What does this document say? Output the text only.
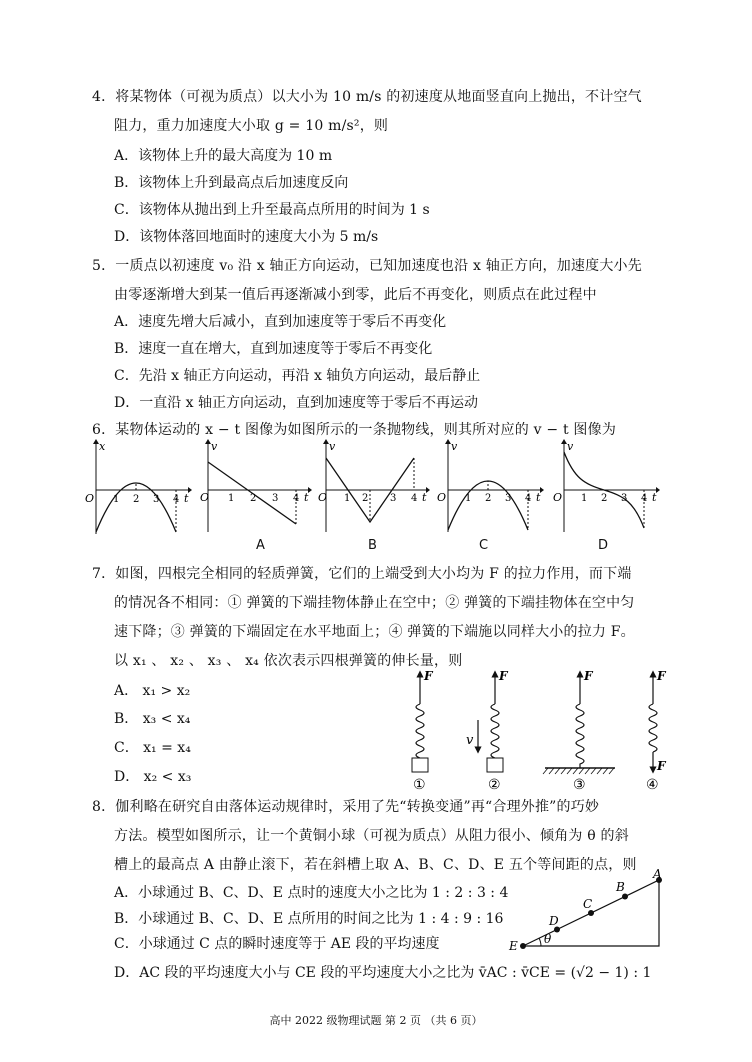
4．将某物体（可视为质点）以大小为 10 m/s 的初速度从地面竖直向上抛出，不计空气
阻力，重力加速度大小取 g = 10 m/s²，则
A．该物体上升的最大高度为 10 m
B．该物体上升到最高点后加速度反向
C．该物体从抛出到上升至最高点所用的时间为 1 s
D．该物体落回地面时的速度大小为 5 m/s
5．一质点以初速度 v₀ 沿 x 轴正方向运动，已知加速度也沿 x 轴正方向，加速度大小先
由零逐渐增大到某一值后再逐渐减小到零，此后不再变化，则质点在此过程中
A．速度先增大后减小，直到加速度等于零后不再变化
B．速度一直在增大，直到加速度等于零后不再变化
C．先沿 x 轴正方向运动，再沿 x 轴负方向运动，最后静止
D．一直沿 x 轴正方向运动，直到加速度等于零后不再运动
6．某物体运动的 x − t 图像为如图所示的一条抛物线，则其所对应的 v − t 图像为
x
t
O 1 2 3 4
v
t
O 1 2 3 4
v
t
O 1 2 3 4
v
t
O 1 2 3 4
v
t
O 1 2 3 4
A	B	C	D
7．如图，四根完全相同的轻质弹簧，它们的上端受到大小均为 F 的拉力作用，而下端
的情况各不相同：① 弹簧的下端挂物体静止在空中；② 弹簧的下端挂物体在空中匀
速下降；③ 弹簧的下端固定在水平地面上；④ 弹簧的下端施以同样大小的拉力 F。
以 x₁ 、 x₂ 、 x₃ 、 x₄ 依次表示四根弹簧的伸长量，则
A． x₁ > x₂
B． x₃ < x₄
C． x₁ = x₄
D． x₂ < x₃
F
①
F
v
②
F
③
F
F
④
8．伽利略在研究自由落体运动规律时，采用了先“转换变通”再“合理外推”的巧妙
方法。模型如图所示，让一个黄铜小球（可视为质点）从阻力很小、倾角为 θ 的斜
槽上的最高点 A 由静止滚下，若在斜槽上取 A、B、C、D、E 五个等间距的点，则
A．小球通过 B、C、D、E 点时的速度大小之比为 1 : 2 : 3 : 4
B．小球通过 B、C、D、E 点所用的时间之比为 1 : 4 : 9 : 16
C．小球通过 C 点的瞬时速度等于 AE 段的平均速度
D．AC 段的平均速度大小与 CE 段的平均速度大小之比为 v̄AC : v̄CE = (√2 − 1) : 1
A
B
C
D
E θ
高中 2022 级物理试题 第 2 页 （共 6 页）
